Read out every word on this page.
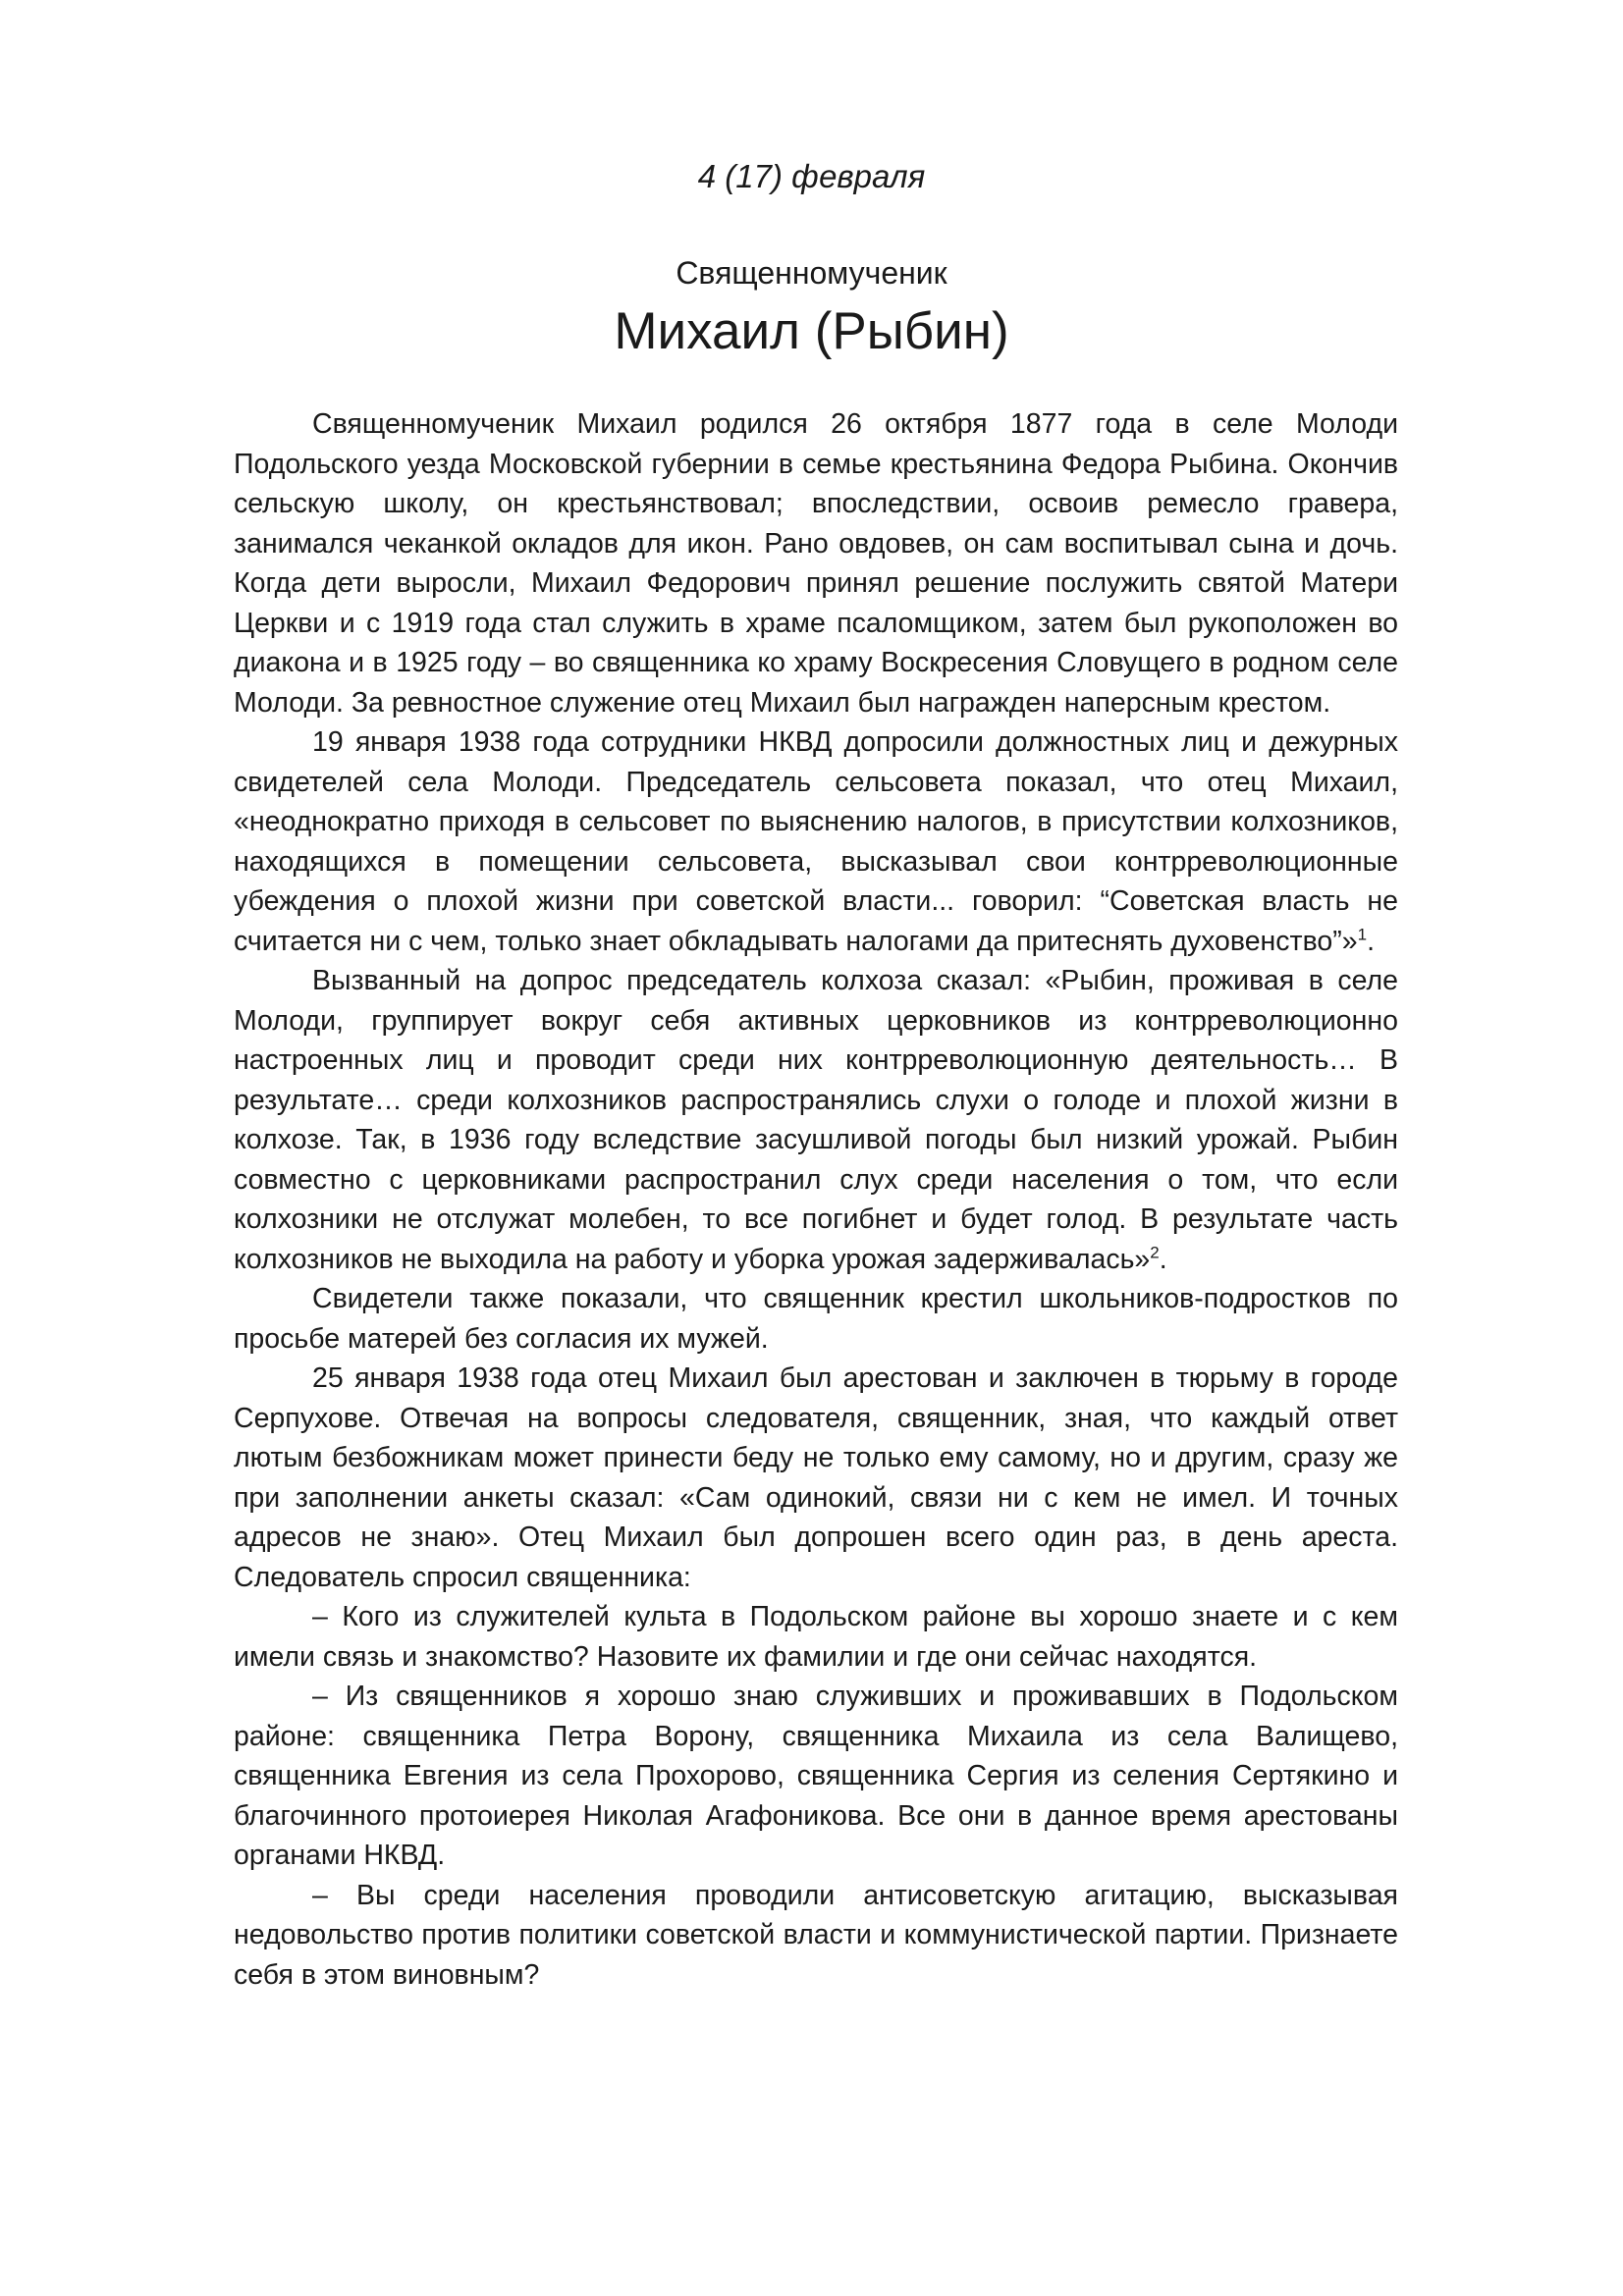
4 (17) февраля
Священномученик
Михаил (Рыбин)

Священномученик Михаил родился 26 октября 1877 года в селе Молоди Подольского уезда Московской губернии в семье крестьянина Федора Рыбина. Окончив сельскую школу, он крестьянствовал; впоследствии, освоив ремесло гравера, занимался чеканкой окладов для икон. Рано овдовев, он сам воспитывал сына и дочь. Когда дети выросли, Михаил Федорович принял решение послужить святой Матери Церкви и с 1919 года стал служить в храме псаломщиком, затем был рукоположен во диакона и в 1925 году – во священника ко храму Воскресения Словущего в родном селе Молоди. За ревностное служение отец Михаил был награжден наперсным крестом.

19 января 1938 года сотрудники НКВД допросили должностных лиц и дежурных свидетелей села Молоди. Председатель сельсовета показал, что отец Михаил, «неоднократно приходя в сельсовет по выяснению налогов, в присутствии колхозников, находящихся в помещении сельсовета, высказывал свои контрреволюционные убеждения о плохой жизни при советской власти... говорил: “Советская власть не считается ни с чем, только знает обкладывать налогами да притеснять духовенство”»$^1$.

Вызванный на допрос председатель колхоза сказал: «Рыбин, проживая в селе Молоди, группирует вокруг себя активных церковников из контрреволюционно настроенных лиц и проводит среди них контрреволюционную деятельность… В результате… среди колхозников распространялись слухи о голоде и плохой жизни в колхозе. Так, в 1936 году вследствие засушливой погоды был низкий урожай. Рыбин совместно с церковниками распространил слух среди населения о том, что если колхозники не отслужат молебен, то все погибнет и будет голод. В результате часть колхозников не выходила на работу и уборка урожая задерживалась»$^2$.

Свидетели также показали, что священник крестил школьников-подростков по просьбе матерей без согласия их мужей.

25 января 1938 года отец Михаил был арестован и заключен в тюрьму в городе Серпухове. Отвечая на вопросы следователя, священник, зная, что каждый ответ лютым безбожникам может принести беду не только ему самому, но и другим, сразу же при заполнении анкеты сказал: «Сам одинокий, связи ни с кем не имел. И точных адресов не знаю». Отец Михаил был допрошен всего один раз, в день ареста. Следователь спросил священника:

– Кого из служителей культа в Подольском районе вы хорошо знаете и с кем имели связь и знакомство? Назовите их фамилии и где они сейчас находятся.

– Из священников я хорошо знаю служивших и проживавших в Подольском районе: священника Петра Ворону, священника Михаила из села Валищево, священника Евгения из села Прохорово, священника Сергия из селения Сертякино и благочинного протоиерея Николая Агафоникова. Все они в данное время арестованы органами НКВД.

– Вы среди населения проводили антисоветскую агитацию, высказывая недовольство против политики советской власти и коммунистической партии. Признаете себя в этом виновным?
